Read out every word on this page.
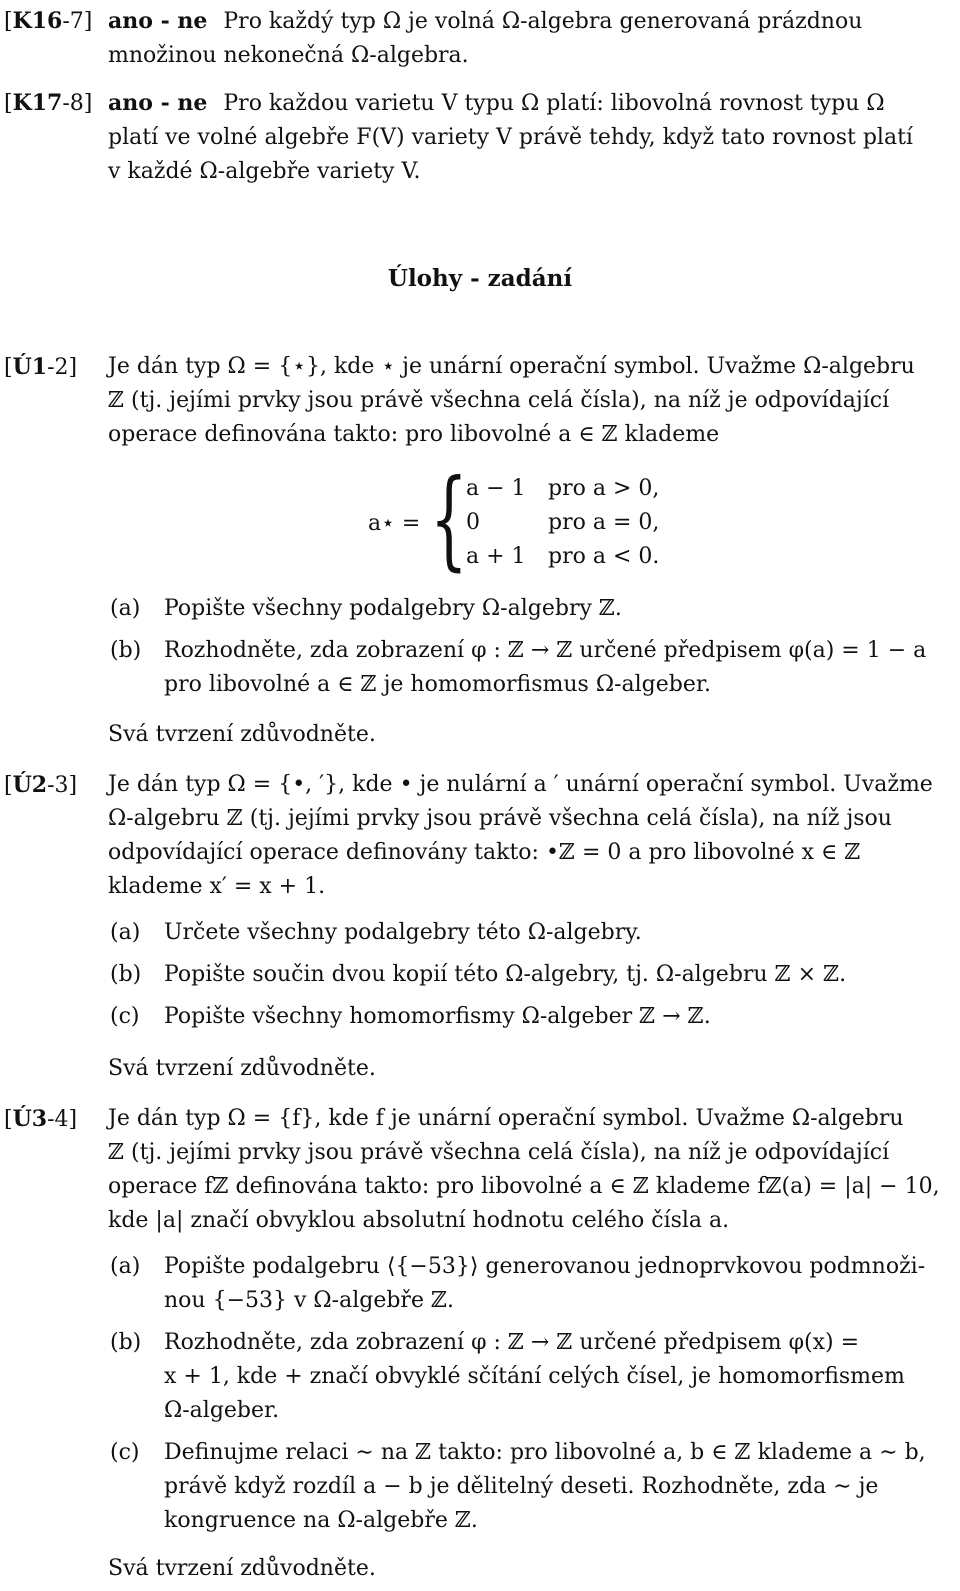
[K16-7] ano - ne Pro každý typ Ω je volná Ω-algebra generovaná prázdnou
množinou nekonečná Ω-algebra.
[K17-8] ano - ne Pro každou varietu V typu Ω platí: libovolná rovnost typu Ω
platí ve volné algebře F(V) variety V právě tehdy, když tato rovnost platí
v každé Ω-algebře variety V.
Úlohy - zadání
[Ú1-2] Je dán typ Ω = {⋆}, kde ⋆ je unární operační symbol. Uvažme Ω-algebru
ℤ (tj. jejími prvky jsou právě všechna celá čísla), na níž je odpovídající
operace definována takto: pro libovolné a ∈ ℤ klademe
a⋆ = {
a − 1 pro a > 0,
0	pro a = 0,
a + 1 pro a < 0.
(a) Popište všechny podalgebry Ω-algebry ℤ.
(b) Rozhodněte, zda zobrazení φ : ℤ → ℤ určené předpisem φ(a) = 1 − a
pro libovolné a ∈ ℤ je homomorfismus Ω-algeber.
Svá tvrzení zdůvodněte.
[Ú2-3] Je dán typ Ω = {•, ′}, kde • je nulární a ′ unární operační symbol. Uvažme
Ω-algebru ℤ (tj. jejími prvky jsou právě všechna celá čísla), na níž jsou
odpovídající operace definovány takto: •ℤ = 0 a pro libovolné x ∈ ℤ
klademe x′ = x + 1.
(a) Určete všechny podalgebry této Ω-algebry.
(b) Popište součin dvou kopií této Ω-algebry, tj. Ω-algebru ℤ × ℤ.
(c) Popište všechny homomorfismy Ω-algeber ℤ → ℤ.
Svá tvrzení zdůvodněte.
[Ú3-4] Je dán typ Ω = {f}, kde f je unární operační symbol. Uvažme Ω-algebru
ℤ (tj. jejími prvky jsou právě všechna celá čísla), na níž je odpovídající
operace fℤ definována takto: pro libovolné a ∈ ℤ klademe fℤ(a) = |a| − 10,
kde |a| značí obvyklou absolutní hodnotu celého čísla a.
(a) Popište podalgebru ⟨{−53}⟩ generovanou jednoprvkovou podmnoži-
nou {−53} v Ω-algebře ℤ.
(b) Rozhodněte, zda zobrazení φ : ℤ → ℤ určené předpisem φ(x) =
x + 1, kde + značí obvyklé sčítání celých čísel, je homomorfismem
Ω-algeber.
(c) Definujme relaci ∼ na ℤ takto: pro libovolné a, b ∈ ℤ klademe a ∼ b,
právě když rozdíl a − b je dělitelný deseti. Rozhodněte, zda ∼ je
kongruence na Ω-algebře ℤ.
Svá tvrzení zdůvodněte.
